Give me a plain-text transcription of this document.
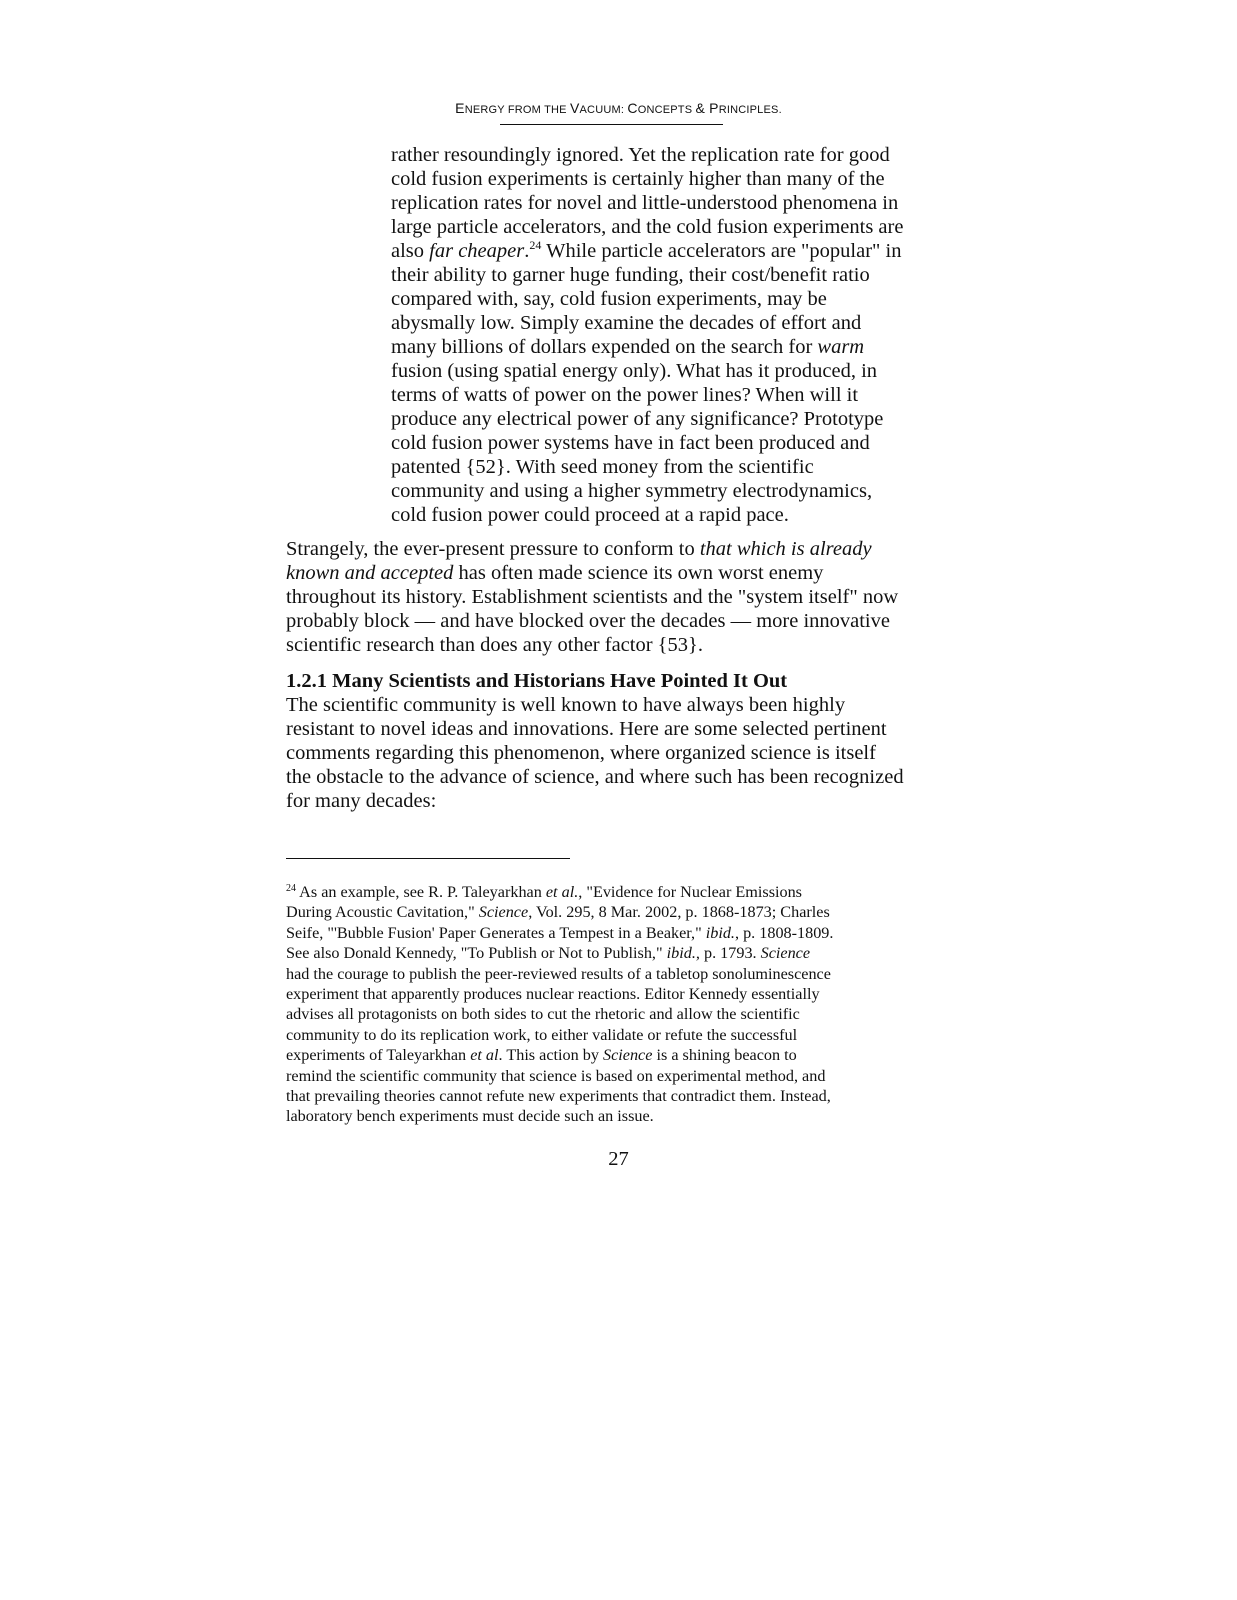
ENERGY FROM THE VACUUM: CONCEPTS & PRINCIPLES.
rather resoundingly ignored. Yet the replication rate for good
cold fusion experiments is certainly higher than many of the
replication rates for novel and little-understood phenomena in
large particle accelerators, and the cold fusion experiments are
also far cheaper.$^{24}$ While particle accelerators are "popular" in
their ability to garner huge funding, their cost/benefit ratio
compared with, say, cold fusion experiments, may be
abysmally low. Simply examine the decades of effort and
many billions of dollars expended on the search for warm
fusion (using spatial energy only). What has it produced, in
terms of watts of power on the power lines? When will it
produce any electrical power of any significance? Prototype
cold fusion power systems have in fact been produced and
patented {52}. With seed money from the scientific
community and using a higher symmetry electrodynamics,
cold fusion power could proceed at a rapid pace.
Strangely, the ever-present pressure to conform to that which is already
known and accepted has often made science its own worst enemy
throughout its history. Establishment scientists and the "system itself" now
probably block — and have blocked over the decades — more innovative
scientific research than does any other factor {53}.
1.2.1 Many Scientists and Historians Have Pointed It Out
The scientific community is well known to have always been highly
resistant to novel ideas and innovations. Here are some selected pertinent
comments regarding this phenomenon, where organized science is itself
the obstacle to the advance of science, and where such has been recognized
for many decades:
$^{24}$ As an example, see R. P. Taleyarkhan et al., "Evidence for Nuclear Emissions
During Acoustic Cavitation," Science, Vol. 295, 8 Mar. 2002, p. 1868-1873; Charles
Seife, "'Bubble Fusion' Paper Generates a Tempest in a Beaker," ibid., p. 1808-1809.
See also Donald Kennedy, "To Publish or Not to Publish," ibid., p. 1793. Science
had the courage to publish the peer-reviewed results of a tabletop sonoluminescence
experiment that apparently produces nuclear reactions. Editor Kennedy essentially
advises all protagonists on both sides to cut the rhetoric and allow the scientific
community to do its replication work, to either validate or refute the successful
experiments of Taleyarkhan et al. This action by Science is a shining beacon to
remind the scientific community that science is based on experimental method, and
that prevailing theories cannot refute new experiments that contradict them. Instead,
laboratory bench experiments must decide such an issue.
27
